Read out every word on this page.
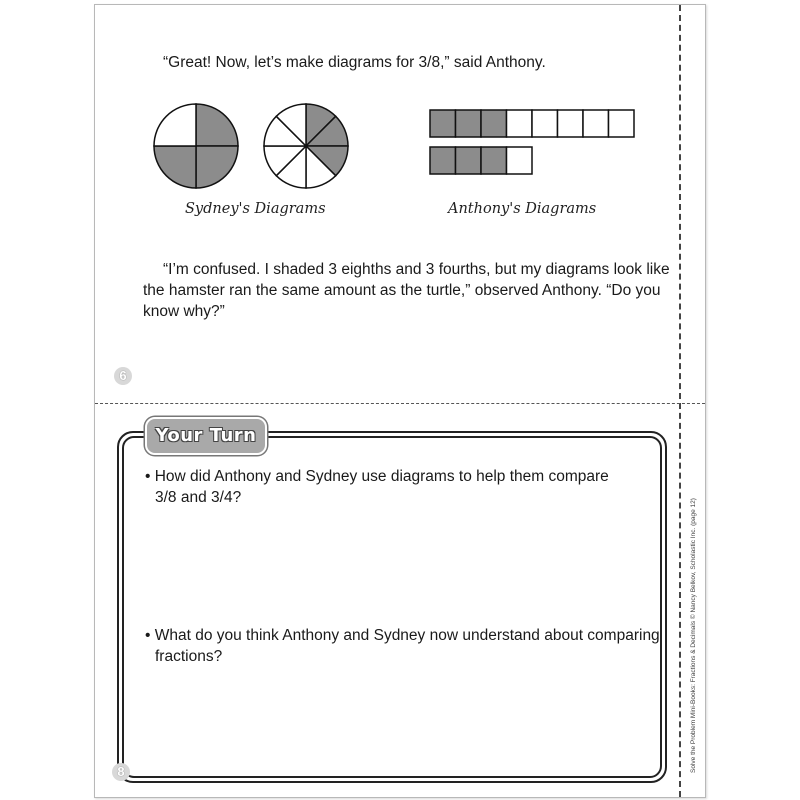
“Great! Now, let’s make diagrams for 3/8,” said Anthony.
Sydney's Diagrams	Anthony's Diagrams
“I’m confused. I shaded 3 eighths and 3 fourths, but my diagrams look like
the hamster ran the same amount as the turtle,” observed Anthony. “Do you
know why?”
6
Your Turn
• How did Anthony and Sydney use diagrams to help them compare
3/8 and 3/4?
• What do you think Anthony and Sydney now understand about comparing
fractions?
8	Solve the Problem Mini-Books: Fractions & Decimals © Nancy Belkov, Scholastic Inc. (page 12)
